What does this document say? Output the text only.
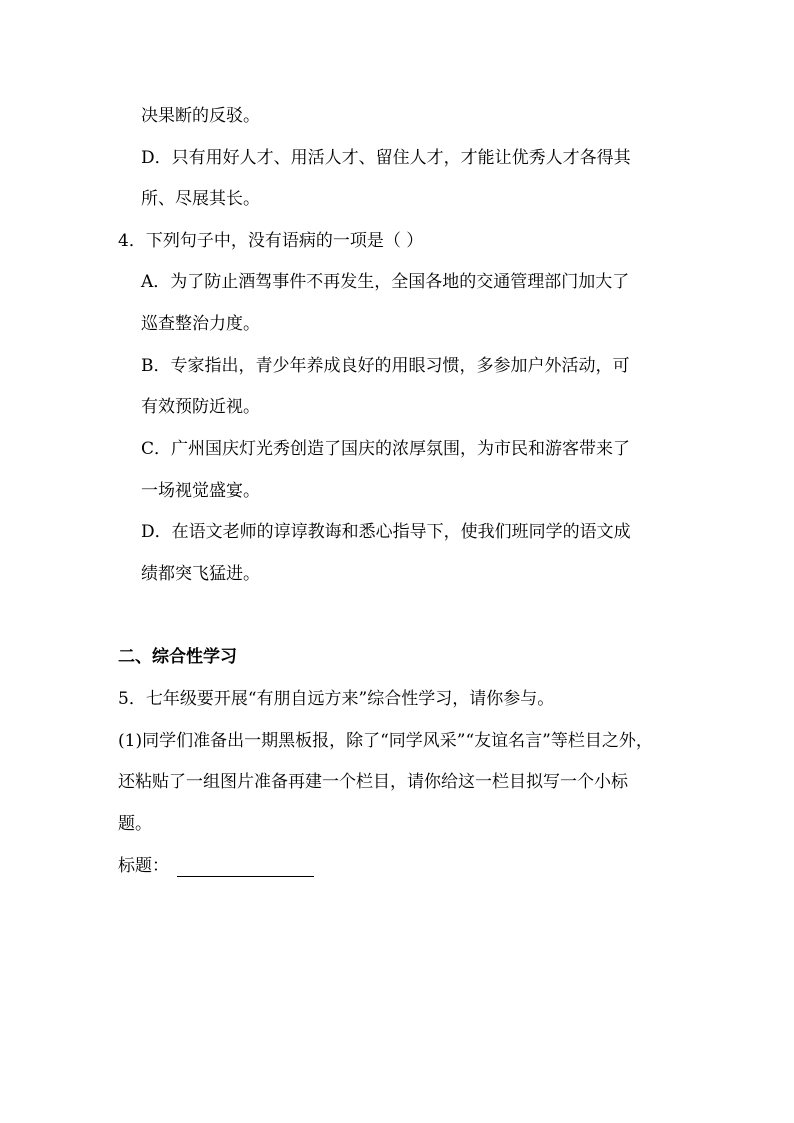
决果断的反驳。
D．只有用好人才、用活人才、留住人才，才能让优秀人才各得其
所、尽展其长。
4．下列句子中，没有语病的一项是（ ）
A．为了防止酒驾事件不再发生，全国各地的交通管理部门加大了
巡查整治力度。
B．专家指出，青少年养成良好的用眼习惯，多参加户外活动，可
有效预防近视。
C．广州国庆灯光秀创造了国庆的浓厚氛围，为市民和游客带来了
一场视觉盛宴。
D．在语文老师的谆谆教诲和悉心指导下，使我们班同学的语文成
绩都突飞猛进。
二、综合性学习
5．七年级要开展“有朋自远方来”综合性学习，请你参与。
(1)同学们准备出一期黑板报，除了“同学风采”“友谊名言”等栏目之外，
还粘贴了一组图片准备再建一个栏目，请你给这一栏目拟写一个小标
题。
标题：
